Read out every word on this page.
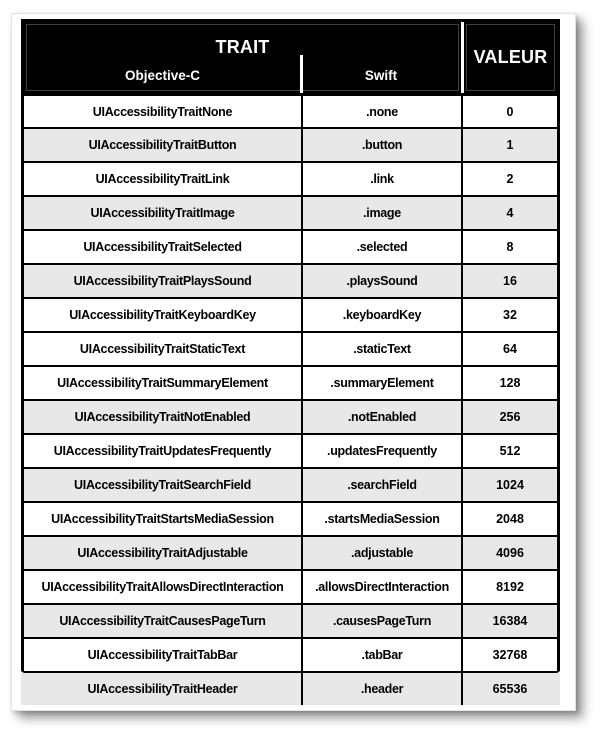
TRAIT
Objective-C	Swift
VALEUR
UIAccessibilityTraitNone	.none	0
UIAccessibilityTraitButton	.button	1
UIAccessibilityTraitLink	.link	2
UIAccessibilityTraitImage	.image	4
UIAccessibilityTraitSelected	.selected	8
UIAccessibilityTraitPlaysSound	.playsSound	16
UIAccessibilityTraitKeyboardKey	.keyboardKey	32
UIAccessibilityTraitStaticText	.staticText	64
UIAccessibilityTraitSummaryElement	.summaryElement	128
UIAccessibilityTraitNotEnabled	.notEnabled	256
UIAccessibilityTraitUpdatesFrequently	.updatesFrequently	512
UIAccessibilityTraitSearchField	.searchField	1024
UIAccessibilityTraitStartsMediaSession	.startsMediaSession	2048
UIAccessibilityTraitAdjustable	.adjustable	4096
UIAccessibilityTraitAllowsDirectInteraction	.allowsDirectInteraction	8192
UIAccessibilityTraitCausesPageTurn	.causesPageTurn	16384
UIAccessibilityTraitTabBar	.tabBar	32768
UIAccessibilityTraitHeader	.header	65536
